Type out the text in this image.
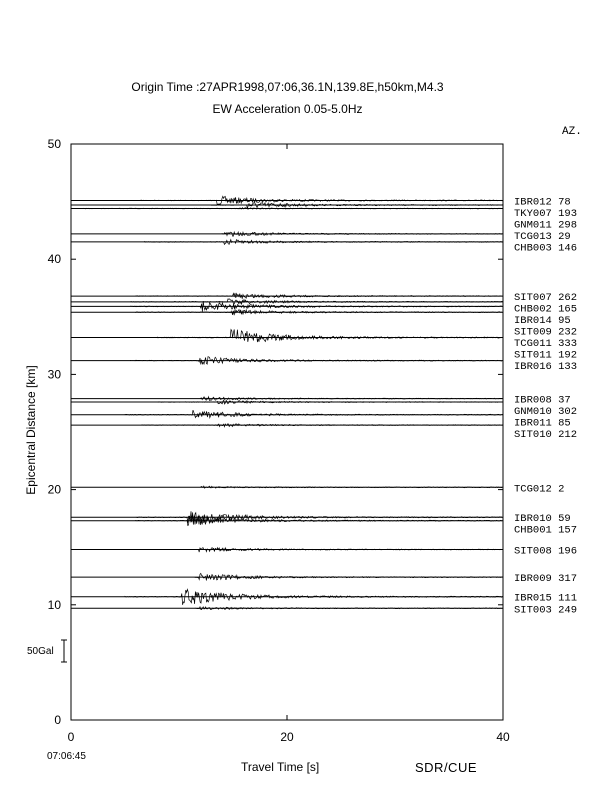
Origin Time :27APR1998,07:06,36.1N,139.8E,h50km,M4.3
EW Acceleration 0.05-5.0Hz
AZ.
Epicentral Distance [km]
Travel Time [s]	SDR/CUE
07:06:45
50Gal
0
10
20
30
40
50
0	20	40
IBR012 78
TKY007 193
GNM011 298
TCG013 29
CHB003 146
SIT007 262
CHB002 165
IBR014 95
SIT009 232
TCG011 333
SIT011 192
IBR016 133
IBR008 37
GNM010 302
IBR011 85
SIT010 212
TCG012 2
IBR010 59
CHB001 157
SIT008 196
IBR009 317
IBR015 111
SIT003 249
